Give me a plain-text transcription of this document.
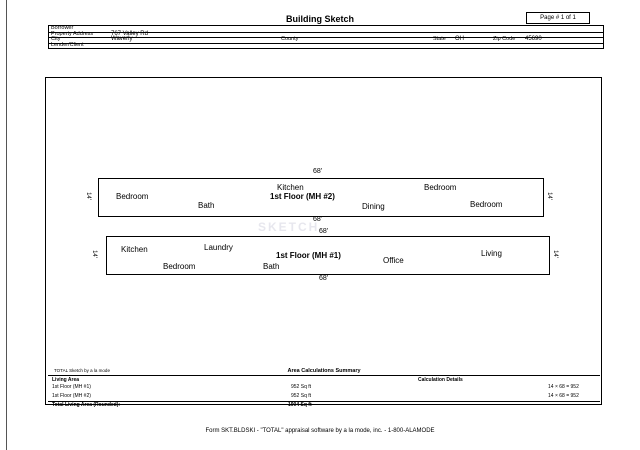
Building Sketch	Page # 1 of 1
Borrower
Property Address	767 Valley Rd
City	Waverly	County	State OH	Zip Code 45690
Lender/Client
SKETCH
68'
14'	14'
Bedroom
Kitchen	Bedroom
1st Floor (MH #2)
Bath	Dining	Bedroom
68'
68'
14'	14'
Kitchen	Laundry
1st Floor (MH #1)
Bedroom	Bath
Office
Living
68'
TOTAL Sketch by a la mode	Area Calculations Summary
Living Area	Calculation Details
1st Floor (MH #1)	952 Sq ft	14 × 68 = 952
1st Floor (MH #2)	952 Sq ft	14 × 68 = 952
Total Living Area (Rounded):	1904 Sq ft
Form SKT.BLDSKI - "TOTAL" appraisal software by a la mode, inc. - 1-800-ALAMODE
